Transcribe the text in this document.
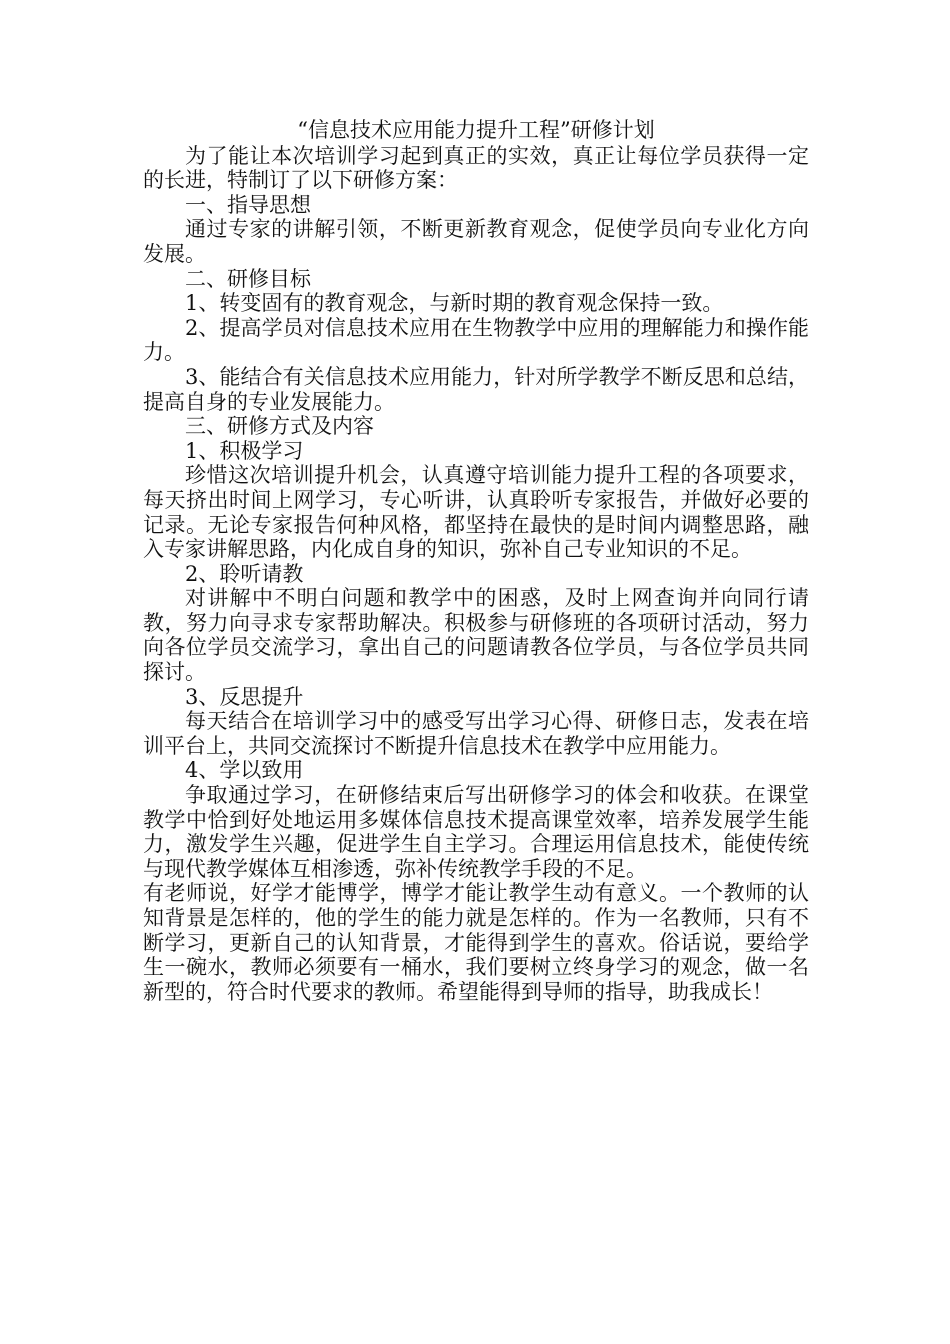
“信息技术应用能力提升工程”研修计划

为了能让本次培训学习起到真正的实效，真正让每位学员获得一定的长进，特制订了以下研修方案：

一、指导思想

通过专家的讲解引领，不断更新教育观念，促使学员向专业化方向发展。

二、研修目标

1、转变固有的教育观念，与新时期的教育观念保持一致。

2、提高学员对信息技术应用在生物教学中应用的理解能力和操作能力。

3、能结合有关信息技术应用能力，针对所学教学不断反思和总结，提高自身的专业发展能力。

三、研修方式及内容

1、积极学习

珍惜这次培训提升机会，认真遵守培训能力提升工程的各项要求，每天挤出时间上网学习，专心听讲，认真聆听专家报告，并做好必要的记录。无论专家报告何种风格，都坚持在最快的是时间内调整思路，融入专家讲解思路，内化成自身的知识，弥补自己专业知识的不足。

2、聆听请教

对讲解中不明白问题和教学中的困惑，及时上网查询并向同行请教，努力向寻求专家帮助解决。积极参与研修班的各项研讨活动，努力向各位学员交流学习，拿出自己的问题请教各位学员，与各位学员共同探讨。

3、反思提升

每天结合在培训学习中的感受写出学习心得、研修日志，发表在培训平台上，共同交流探讨不断提升信息技术在教学中应用能力。

4、学以致用

争取通过学习，在研修结束后写出研修学习的体会和收获。在课堂教学中恰到好处地运用多媒体信息技术提高课堂效率，培养发展学生能力，激发学生兴趣，促进学生自主学习。合理运用信息技术，能使传统与现代教学媒体互相渗透，弥补传统教学手段的不足。

有老师说，好学才能博学，博学才能让教学生动有意义。一个教师的认知背景是怎样的，他的学生的能力就是怎样的。作为一名教师，只有不断学习，更新自己的认知背景，才能得到学生的喜欢。俗话说，要给学生一碗水，教师必须要有一桶水，我们要树立终身学习的观念，做一名新型的，符合时代要求的教师。希望能得到导师的指导，助我成长！
